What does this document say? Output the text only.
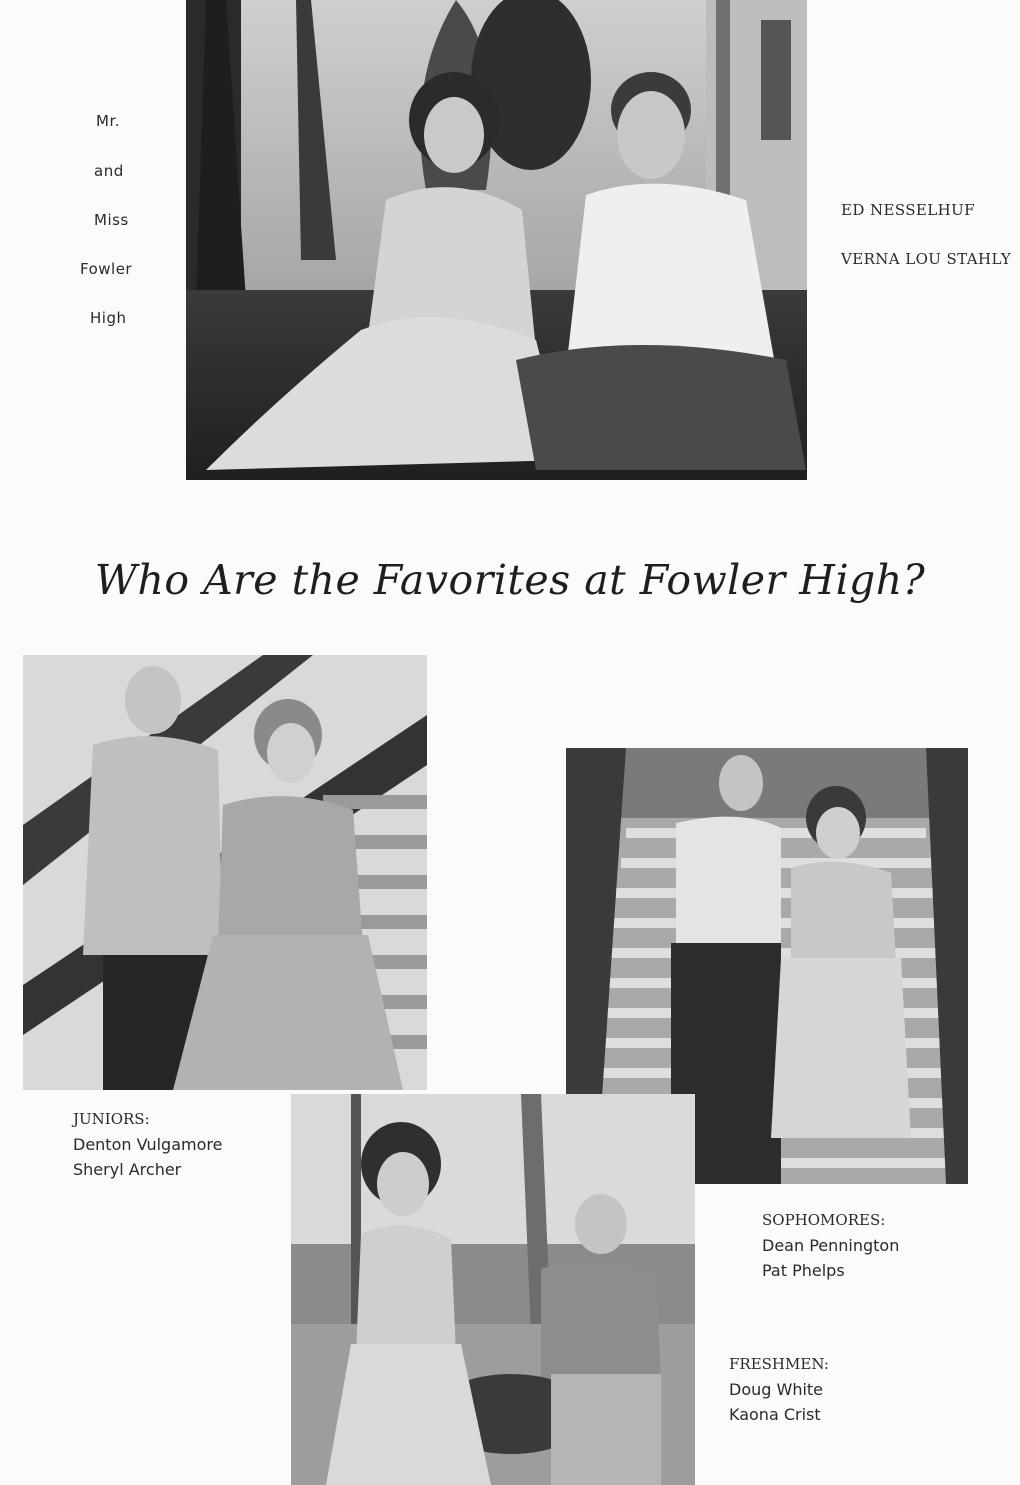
Mr.
and
Miss
Fowler
High
ED NESSELHUF
VERNA LOU STAHLY
Who Are the Favorites at Fowler High?
JUNIORS:
Denton Vulgamore
Sheryl Archer
SOPHOMORES:
Dean Pennington
Pat Phelps
FRESHMEN:
Doug White
Kaona Crist
